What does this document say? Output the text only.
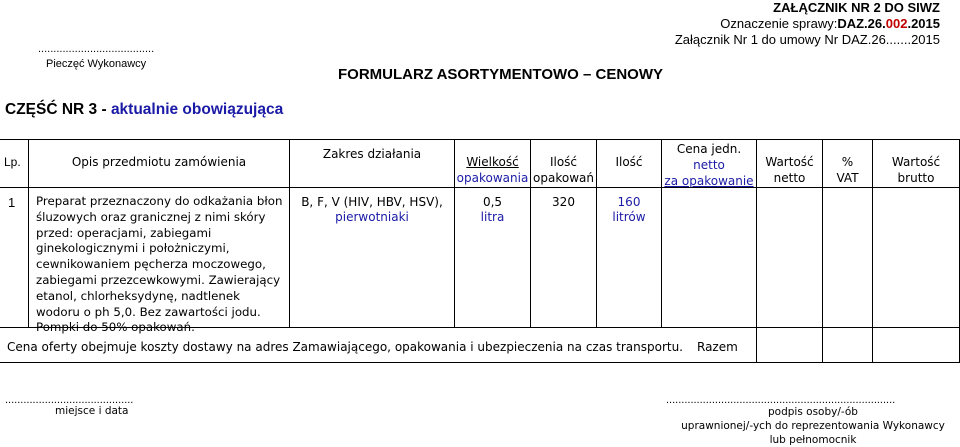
ZAŁĄCZNIK NR 2 DO SIWZ
Oznaczenie sprawy:DAZ.26.002.2015
Załącznik Nr 1 do umowy Nr DAZ.26.......2015
......................................
Pieczęć Wykonawcy
FORMULARZ ASORTYMENTOWO – CENOWY
CZĘŚĆ NR 3 - aktualnie obowiązująca
Lp.	Opis przedmiotu zamówienia
Zakres działania
Wielkość
opakowania
Ilość
opakowań
Ilość
Cena jedn.
netto
za opakowanie
Wartość
netto
%
VAT
Wartość
brutto
1 Preparat przeznaczony do odkażania błon śluzowych oraz granicznej z nimi skóry przed: operacjami, zabiegami ginekologicznymi i położniczymi, cewnikowaniem pęcherza moczowego, zabiegami przezcewkowymi. Zawierający etanol, chlorheksydynę, nadtlenek wodoru o ph 5,0. Bez zawartości jodu. Pompki do 50% opakowań.
B, F, V (HIV, HBV, HSV),
pierwotniaki
0,5
litra
320	160
litrów
Cena oferty obejmuje koszty dostawy na adres Zamawiającego, opakowania i ubezpieczenia na czas transportu. Razem
..........................................
miejsce i data
...........................................................................
podpis osoby/-ób
uprawnionej/-ych do reprezentowania Wykonawcy
lub pełnomocnik
